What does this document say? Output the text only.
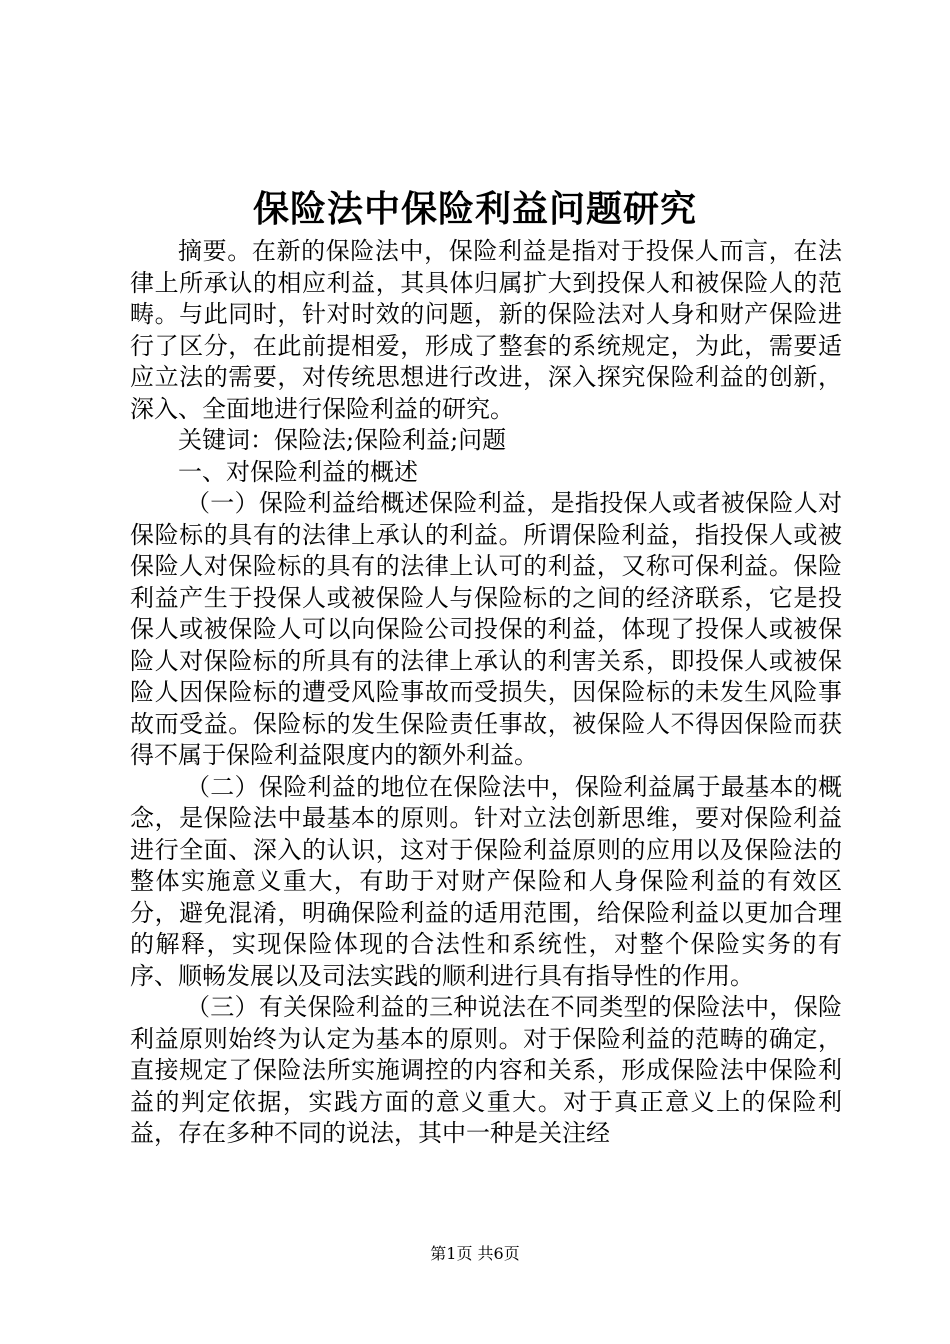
保险法中保险利益问题研究

摘要。在新的保险法中，保险利益是指对于投保人而言，在法律上所承认的相应利益，其具体归属扩大到投保人和被保险人的范畴。与此同时，针对时效的问题，新的保险法对人身和财产保险进行了区分，在此前提相爱，形成了整套的系统规定，为此，需要适应立法的需要，对传统思想进行改进，深入探究保险利益的创新，深入、全面地进行保险利益的研究。

关键词：保险法;保险利益;问题

一、对保险利益的概述

（一）保险利益给概述保险利益，是指投保人或者被保险人对保险标的具有的法律上承认的利益。所谓保险利益，指投保人或被保险人对保险标的具有的法律上认可的利益，又称可保利益。保险利益产生于投保人或被保险人与保险标的之间的经济联系，它是投保人或被保险人可以向保险公司投保的利益，体现了投保人或被保险人对保险标的所具有的法律上承认的利害关系，即投保人或被保险人因保险标的遭受风险事故而受损失，因保险标的未发生风险事故而受益。保险标的发生保险责任事故，被保险人不得因保险而获得不属于保险利益限度内的额外利益。

（二）保险利益的地位在保险法中，保险利益属于最基本的概念，是保险法中最基本的原则。针对立法创新思维，要对保险利益进行全面、深入的认识，这对于保险利益原则的应用以及保险法的整体实施意义重大，有助于对财产保险和人身保险利益的有效区分，避免混淆，明确保险利益的适用范围，给保险利益以更加合理的解释，实现保险体现的合法性和系统性，对整个保险实务的有序、顺畅发展以及司法实践的顺利进行具有指导性的作用。

（三）有关保险利益的三种说法在不同类型的保险法中，保险利益原则始终为认定为基本的原则。对于保险利益的范畴的确定，直接规定了保险法所实施调控的内容和关系，形成保险法中保险利益的判定依据，实践方面的意义重大。对于真正意义上的保险利益，存在多种不同的说法，其中一种是关注经

第1页 共6页
